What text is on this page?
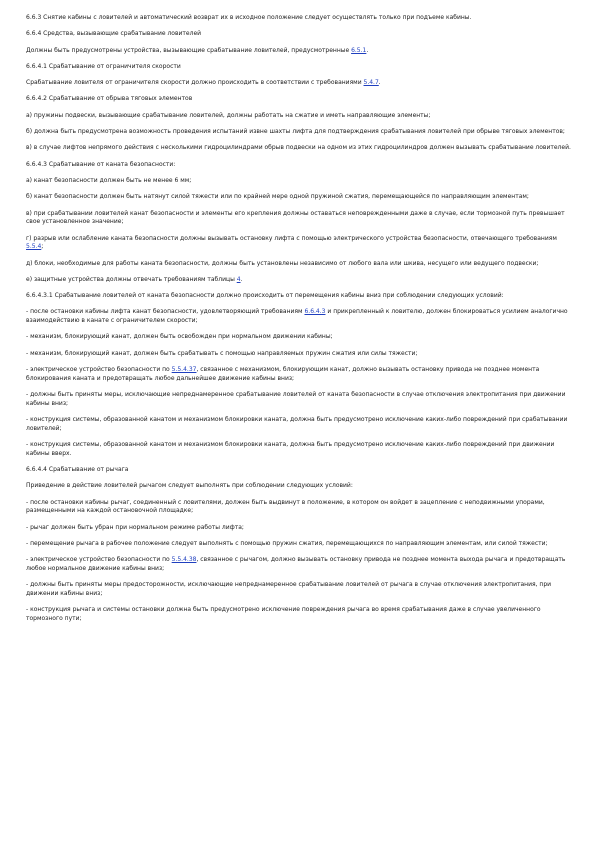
6.6.3 Снятие кабины с ловителей и автоматический возврат их в исходное положение следует осуществлять только при подъеме кабины.

6.6.4 Средства, вызывающие срабатывание ловителей

Должны быть предусмотрены устройства, вызывающие срабатывание ловителей, предусмотренные 6.5.1.

6.6.4.1 Срабатывание от ограничителя скорости

Срабатывание ловителя от ограничителя скорости должно происходить в соответствии с требованиями 5.4.7.

6.6.4.2 Срабатывание от обрыва тяговых элементов

а) пружины подвески, вызывающие срабатывание ловителей, должны работать на сжатие и иметь направляющие элементы;

б) должна быть предусмотрена возможность проведения испытаний извне шахты лифта для подтверждения срабатывания ловителей при обрыве тяговых элементов;

в) в случае лифтов непрямого действия с несколькими гидроцилиндрами обрыв подвески на одном из этих гидроцилиндров должен вызывать срабатывание ловителей.

6.6.4.3 Срабатывание от каната безопасности:

а) канат безопасности должен быть не менее 6 мм;

б) канат безопасности должен быть натянут силой тяжести или по крайней мере одной пружиной сжатия, перемещающейся по направляющим элементам;

в) при срабатывании ловителей канат безопасности и элементы его крепления должны оставаться неповрежденными даже в случае, если тормозной путь превышает свое установленное значение;

г) разрыв или ослабление каната безопасности должны вызывать остановку лифта с помощью электрического устройства безопасности, отвечающего требованиям 5.5.4;

д) блоки, необходимые для работы каната безопасности, должны быть установлены независимо от любого вала или шкива, несущего или ведущего подвески;

е) защитные устройства должны отвечать требованиям таблицы 4.

6.6.4.3.1 Срабатывание ловителей от каната безопасности должно происходить от перемещения кабины вниз при соблюдении следующих условий:

- после остановки кабины лифта канат безопасности, удовлетворяющий требованиям 6.6.4.3 и прикрепленный к ловителю, должен блокироваться усилием аналогично взаимодействию в канате с ограничителем скорости;

- механизм, блокирующий канат, должен быть освобожден при нормальном движении кабины;

- механизм, блокирующий канат, должен быть срабатывать с помощью направляемых пружин сжатия или силы тяжести;

- электрическое устройство безопасности по 5.5.4.37, связанное с механизмом, блокирующим канат, должно вызывать остановку привода не позднее момента блокирования каната и предотвращать любое дальнейшее движение кабины вниз;

- должны быть приняты меры, исключающие непреднамеренное срабатывание ловителей от каната безопасности в случае отключения электропитания при движении кабины вниз;

- конструкция системы, образованной канатом и механизмом блокировки каната, должна быть предусмотрено исключение каких-либо повреждений при срабатывании ловителей;

- конструкция системы, образованной канатом и механизмом блокировки каната, должна быть предусмотрено исключение каких-либо повреждений при движении кабины вверх.

6.6.4.4 Срабатывание от рычага

Приведение в действие ловителей рычагом следует выполнять при соблюдении следующих условий:

- после остановки кабины рычаг, соединенный с ловителями, должен быть выдвинут в положение, в котором он войдет в зацепление с неподвижными упорами, размещенными на каждой остановочной площадке;

- рычаг должен быть убран при нормальном режиме работы лифта;

- перемещение рычага в рабочее положение следует выполнять с помощью пружин сжатия, перемещающихся по направляющим элементам, или силой тяжести;

- электрическое устройство безопасности по 5.5.4.38, связанное с рычагом, должно вызывать остановку привода не позднее момента выхода рычага и предотвращать любое нормальное движение кабины вниз;

- должны быть приняты меры предосторожности, исключающие непреднамеренное срабатывание ловителей от рычага в случае отключения электропитания, при движении кабины вниз;

- конструкция рычага и системы остановки должна быть предусмотрено исключение повреждения рычага во время срабатывания даже в случае увеличенного тормозного пути;
